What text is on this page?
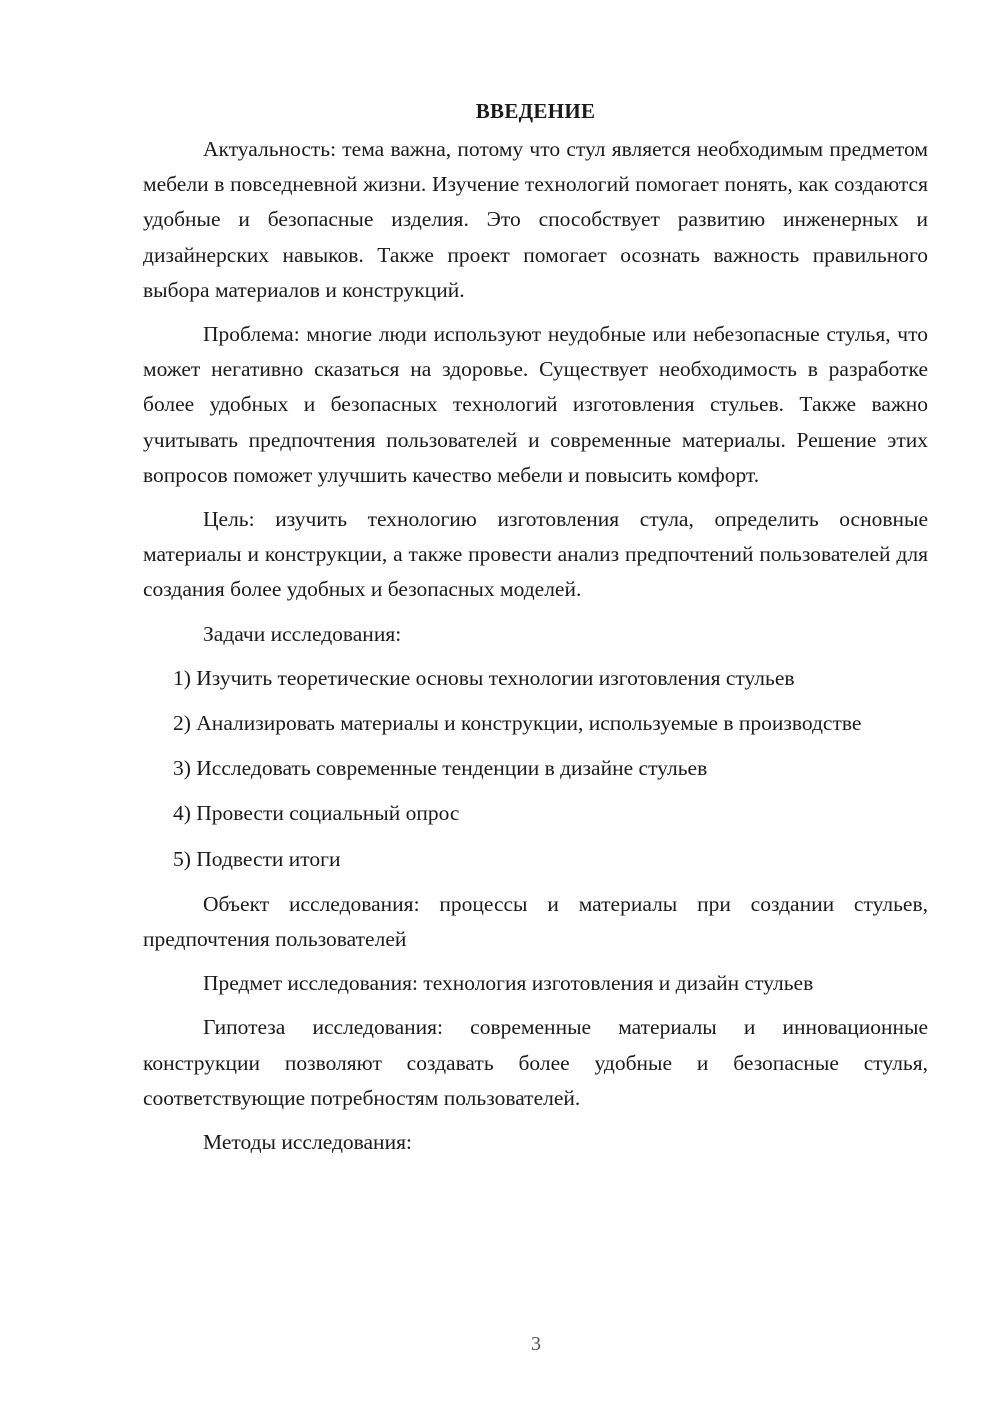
ВВЕДЕНИЕ

Актуальность: тема важна, потому что стул является необходимым предметом мебели в повседневной жизни. Изучение технологий помогает понять, как создаются удобные и безопасные изделия. Это способствует развитию инженерных и дизайнерских навыков. Также проект помогает осознать важность правильного выбора материалов и конструкций.

Проблема: многие люди используют неудобные или небезопасные стулья, что может негативно сказаться на здоровье. Существует необходимость в разработке более удобных и безопасных технологий изготовления стульев. Также важно учитывать предпочтения пользователей и современные материалы. Решение этих вопросов поможет улучшить качество мебели и повысить комфорт.

Цель: изучить технологию изготовления стула, определить основные материалы и конструкции, а также провести анализ предпочтений пользователей для создания более удобных и безопасных моделей.

Задачи исследования:

1) Изучить теоретические основы технологии изготовления стульев

2) Анализировать материалы и конструкции, используемые в производстве

3) Исследовать современные тенденции в дизайне стульев

4) Провести социальный опрос

5) Подвести итоги

Объект исследования: процессы и материалы при создании стульев, предпочтения пользователей

Предмет исследования: технология изготовления и дизайн стульев

Гипотеза исследования: современные материалы и инновационные конструкции позволяют создавать более удобные и безопасные стулья, соответствующие потребностям пользователей.

Методы исследования:

3
